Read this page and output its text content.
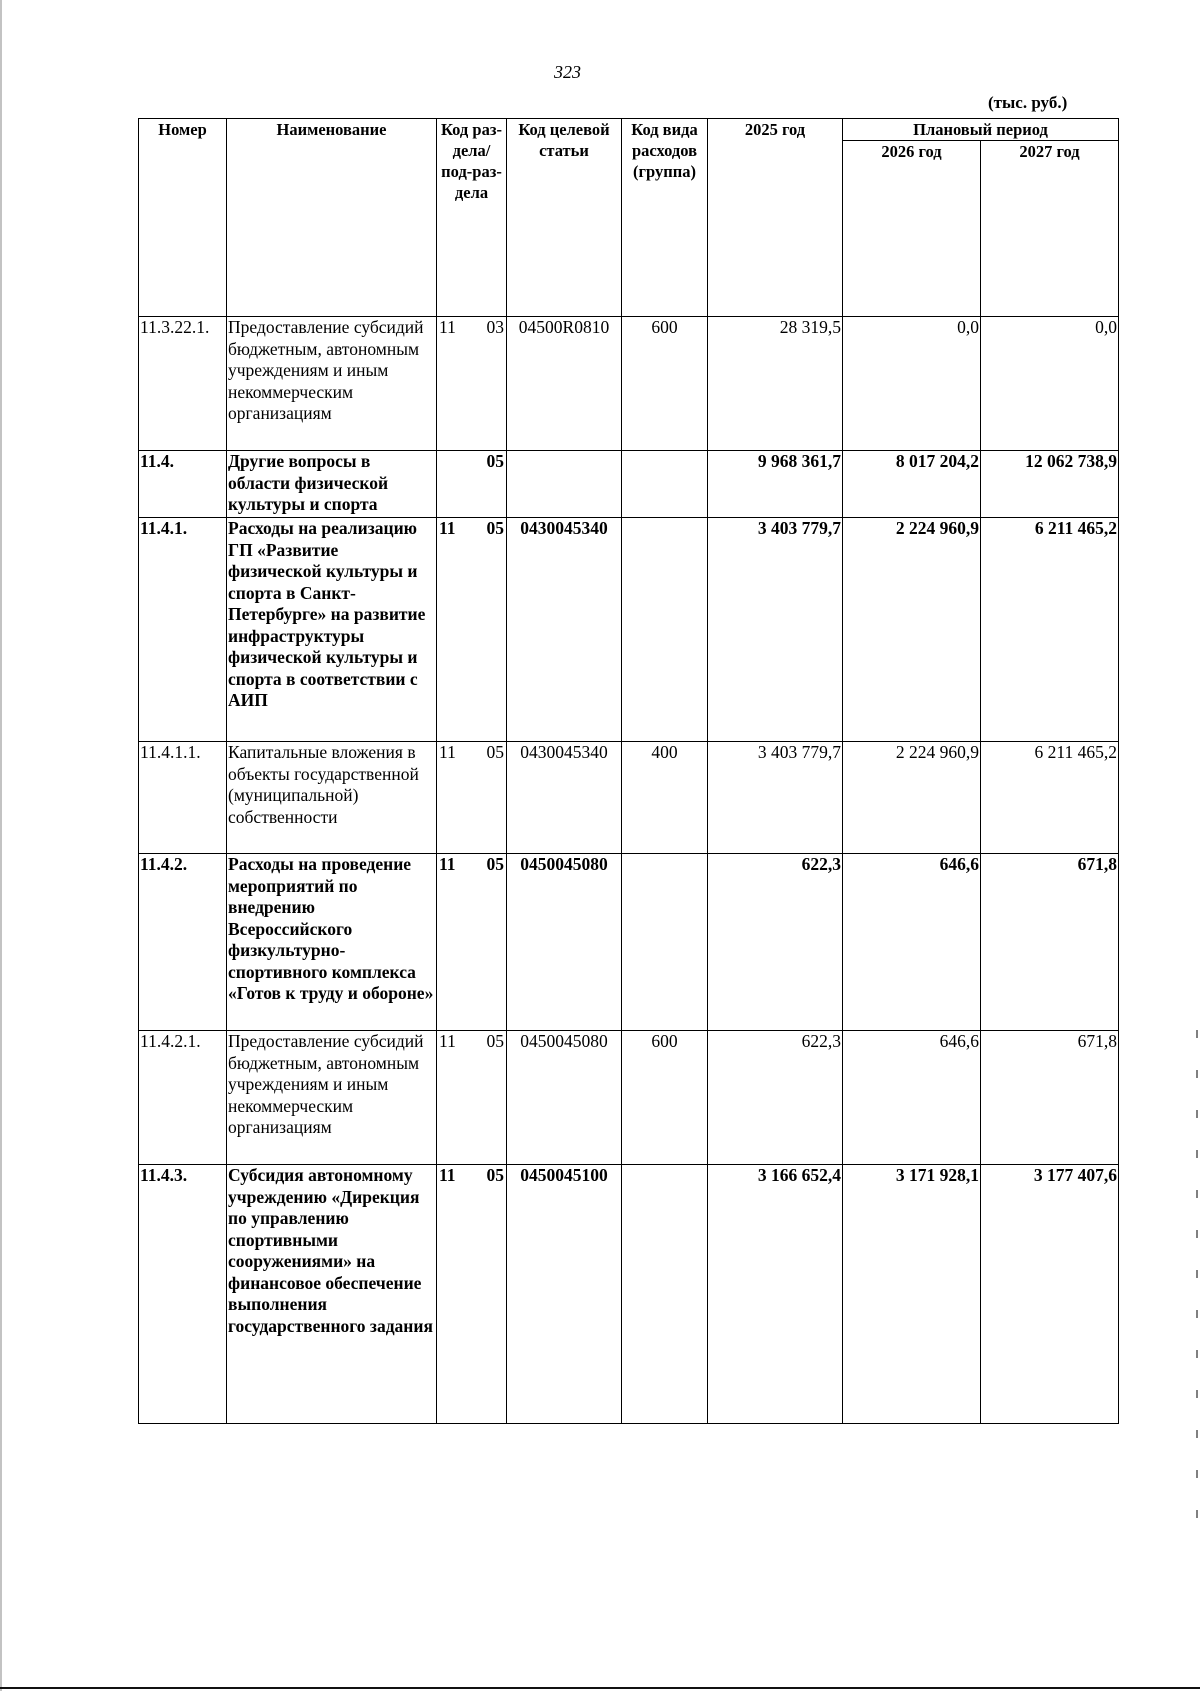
323
(тыс. руб.)
Номер	Наименование	Код раз-дела/ под-раз-дела	Код целевой статьи	Код вида расходов (группа)	2025 год	Плановый период	
						2026 год	2027 год
11.3.22.1.	Предоставление субсидий бюджетным, автономным учреждениям и иным некоммерческим организациям	11 03	04500R0810	600	28 319,5	0,0	0,0
11.4.	Другие вопросы в области физической культуры и спорта	05			9 968 361,7	8 017 204,2	12 062 738,9
11.4.1.	Расходы на реализацию ГП «Развитие физической культуры и спорта в Санкт-Петербурге» на развитие инфраструктуры физической культуры и спорта в соответствии с АИП	11 05	0430045340		3 403 779,7	2 224 960,9	6 211 465,2
11.4.1.1.	Капитальные вложения в объекты государственной (муниципальной) собственности	11 05	0430045340	400	3 403 779,7	2 224 960,9	6 211 465,2
11.4.2.	Расходы на проведение мероприятий по внедрению Всероссийского физкультурно-спортивного комплекса «Готов к труду и обороне»	11 05	0450045080		622,3	646,6	671,8
11.4.2.1.	Предоставление субсидий бюджетным, автономным учреждениям и иным некоммерческим организациям	11 05	0450045080	600	622,3	646,6	671,8
11.4.3.	Субсидия автономному учреждению «Дирекция по управлению спортивными сооружениями» на финансовое обеспечение выполнения государственного задания	11 05	0450045100		3 166 652,4	3 171 928,1	3 177 407,6
